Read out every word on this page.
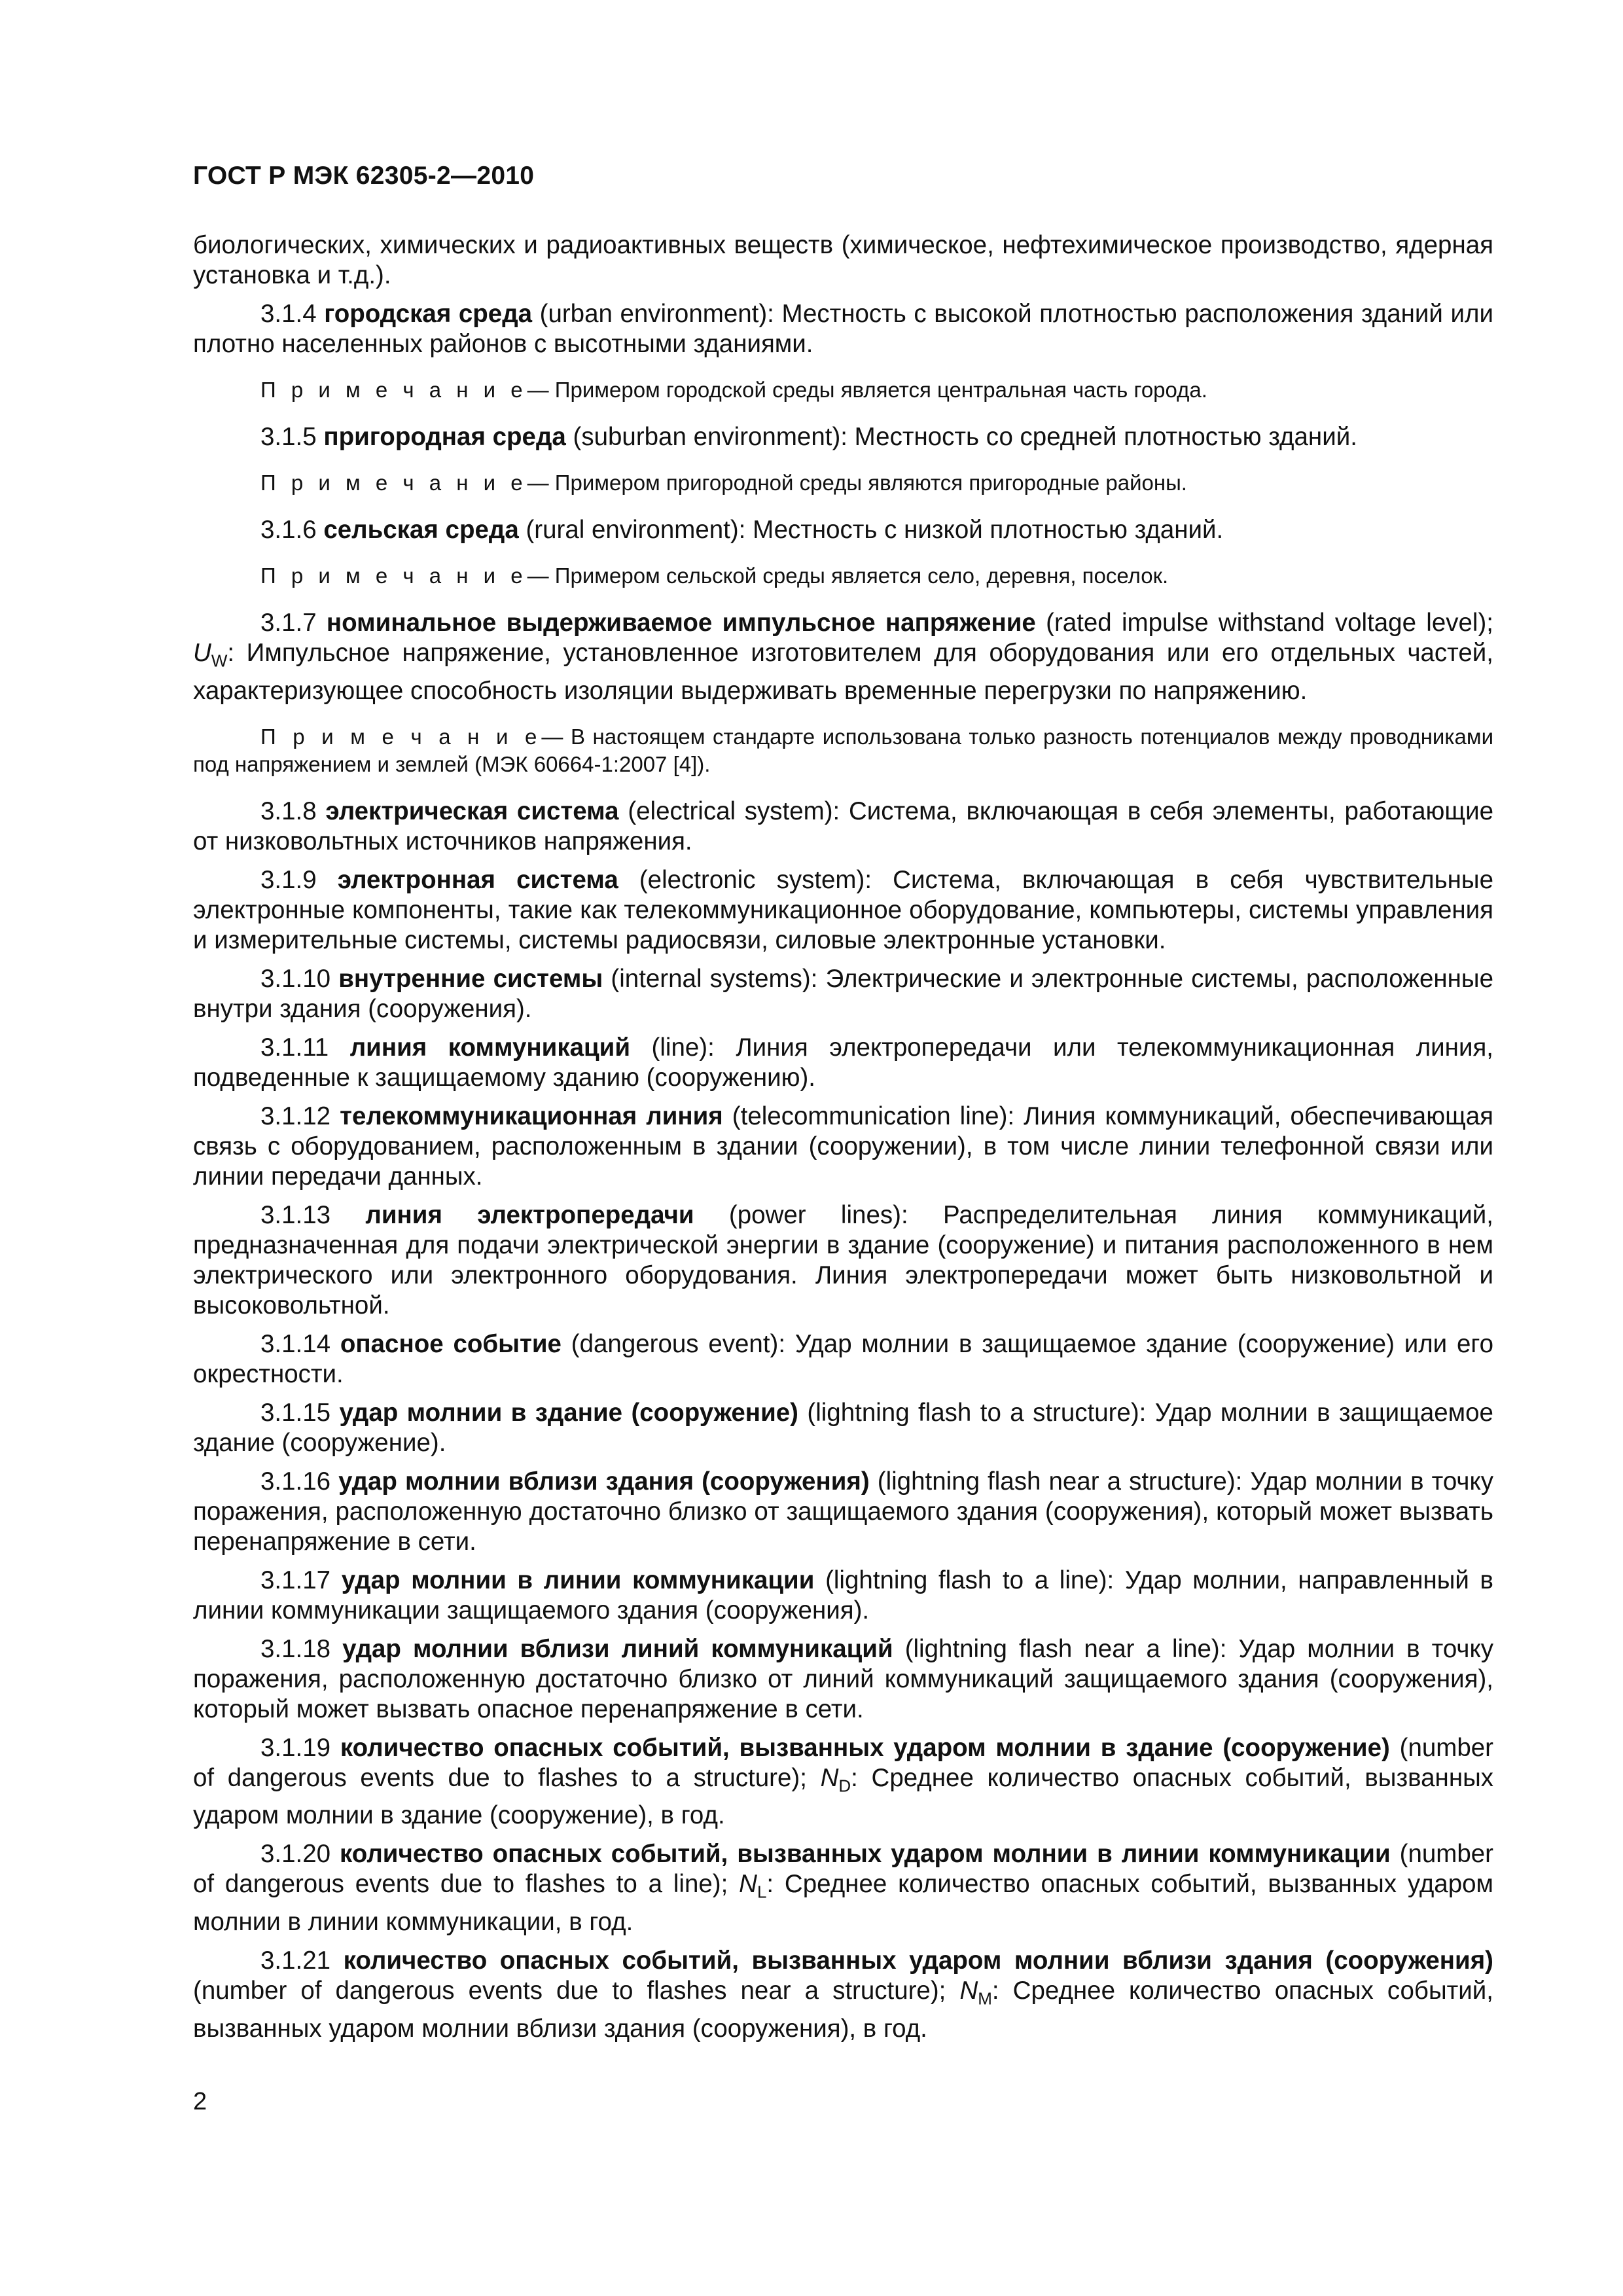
ГОСТ Р МЭК 62305-2—2010

биологических, химических и радиоактивных веществ (химическое, нефтехимическое производство, ядерная установка и т.д.).

3.1.4 городская среда (urban environment): Местность с высокой плотностью расположения зданий или плотно населенных районов с высотными зданиями.

П р и м е ч а н и е— Примером городской среды является центральная часть города.

3.1.5 пригородная среда (suburban environment): Местность со средней плотностью зданий.

П р и м е ч а н и е— Примером пригородной среды являются пригородные районы.

3.1.6 сельская среда (rural environment): Местность с низкой плотностью зданий.

П р и м е ч а н и е— Примером сельской среды является село, деревня, поселок.

3.1.7 номинальное выдерживаемое импульсное напряжение (rated impulse withstand voltage level); $U_W$: Импульсное напряжение, установленное изготовителем для оборудования или его отдельных частей, характеризующее способность изоляции выдерживать временные перегрузки по напряжению.

П р и м е ч а н и е— В настоящем стандарте использована только разность потенциалов между проводниками под напряжением и землей (МЭК 60664-1:2007 [4]).

3.1.8 электрическая система (electrical system): Система, включающая в себя элементы, работающие от низковольтных источников напряжения.

3.1.9 электронная система (electronic system): Система, включающая в себя чувствительные электронные компоненты, такие как телекоммуникационное оборудование, компьютеры, системы управления и измерительные системы, системы радиосвязи, силовые электронные установки.

3.1.10 внутренние системы (internal systems): Электрические и электронные системы, расположенные внутри здания (сооружения).

3.1.11 линия коммуникаций (line): Линия электропередачи или телекоммуникационная линия, подведенные к защищаемому зданию (сооружению).

3.1.12 телекоммуникационная линия (telecommunication line): Линия коммуникаций, обеспечивающая связь с оборудованием, расположенным в здании (сооружении), в том числе линии телефонной связи или линии передачи данных.

3.1.13 линия электропередачи (power lines): Распределительная линия коммуникаций, предназначенная для подачи электрической энергии в здание (сооружение) и питания расположенного в нем электрического или электронного оборудования. Линия электропередачи может быть низковольтной и высоковольтной.

3.1.14 опасное событие (dangerous event): Удар молнии в защищаемое здание (сооружение) или его окрестности.

3.1.15 удар молнии в здание (сооружение) (lightning flash to a structure): Удар молнии в защищаемое здание (сооружение).

3.1.16 удар молнии вблизи здания (сооружения) (lightning flash near a structure): Удар молнии в точку поражения, расположенную достаточно близко от защищаемого здания (сооружения), который может вызвать перенапряжение в сети.

3.1.17 удар молнии в линии коммуникации (lightning flash to a line): Удар молнии, направленный в линии коммуникации защищаемого здания (сооружения).

3.1.18 удар молнии вблизи линий коммуникаций (lightning flash near a line): Удар молнии в точку поражения, расположенную достаточно близко от линий коммуникаций защищаемого здания (сооружения), который может вызвать опасное перенапряжение в сети.

3.1.19 количество опасных событий, вызванных ударом молнии в здание (сооружение) (number of dangerous events due to flashes to a structure); $N_D$: Среднее количество опасных событий, вызванных ударом молнии в здание (сооружение), в год.

3.1.20 количество опасных событий, вызванных ударом молнии в линии коммуникации (number of dangerous events due to flashes to a line); $N_L$: Среднее количество опасных событий, вызванных ударом молнии в линии коммуникации, в год.

3.1.21 количество опасных событий, вызванных ударом молнии вблизи здания (сооружения) (number of dangerous events due to flashes near a structure); $N_M$: Среднее количество опасных событий, вызванных ударом молнии вблизи здания (сооружения), в год.

2
